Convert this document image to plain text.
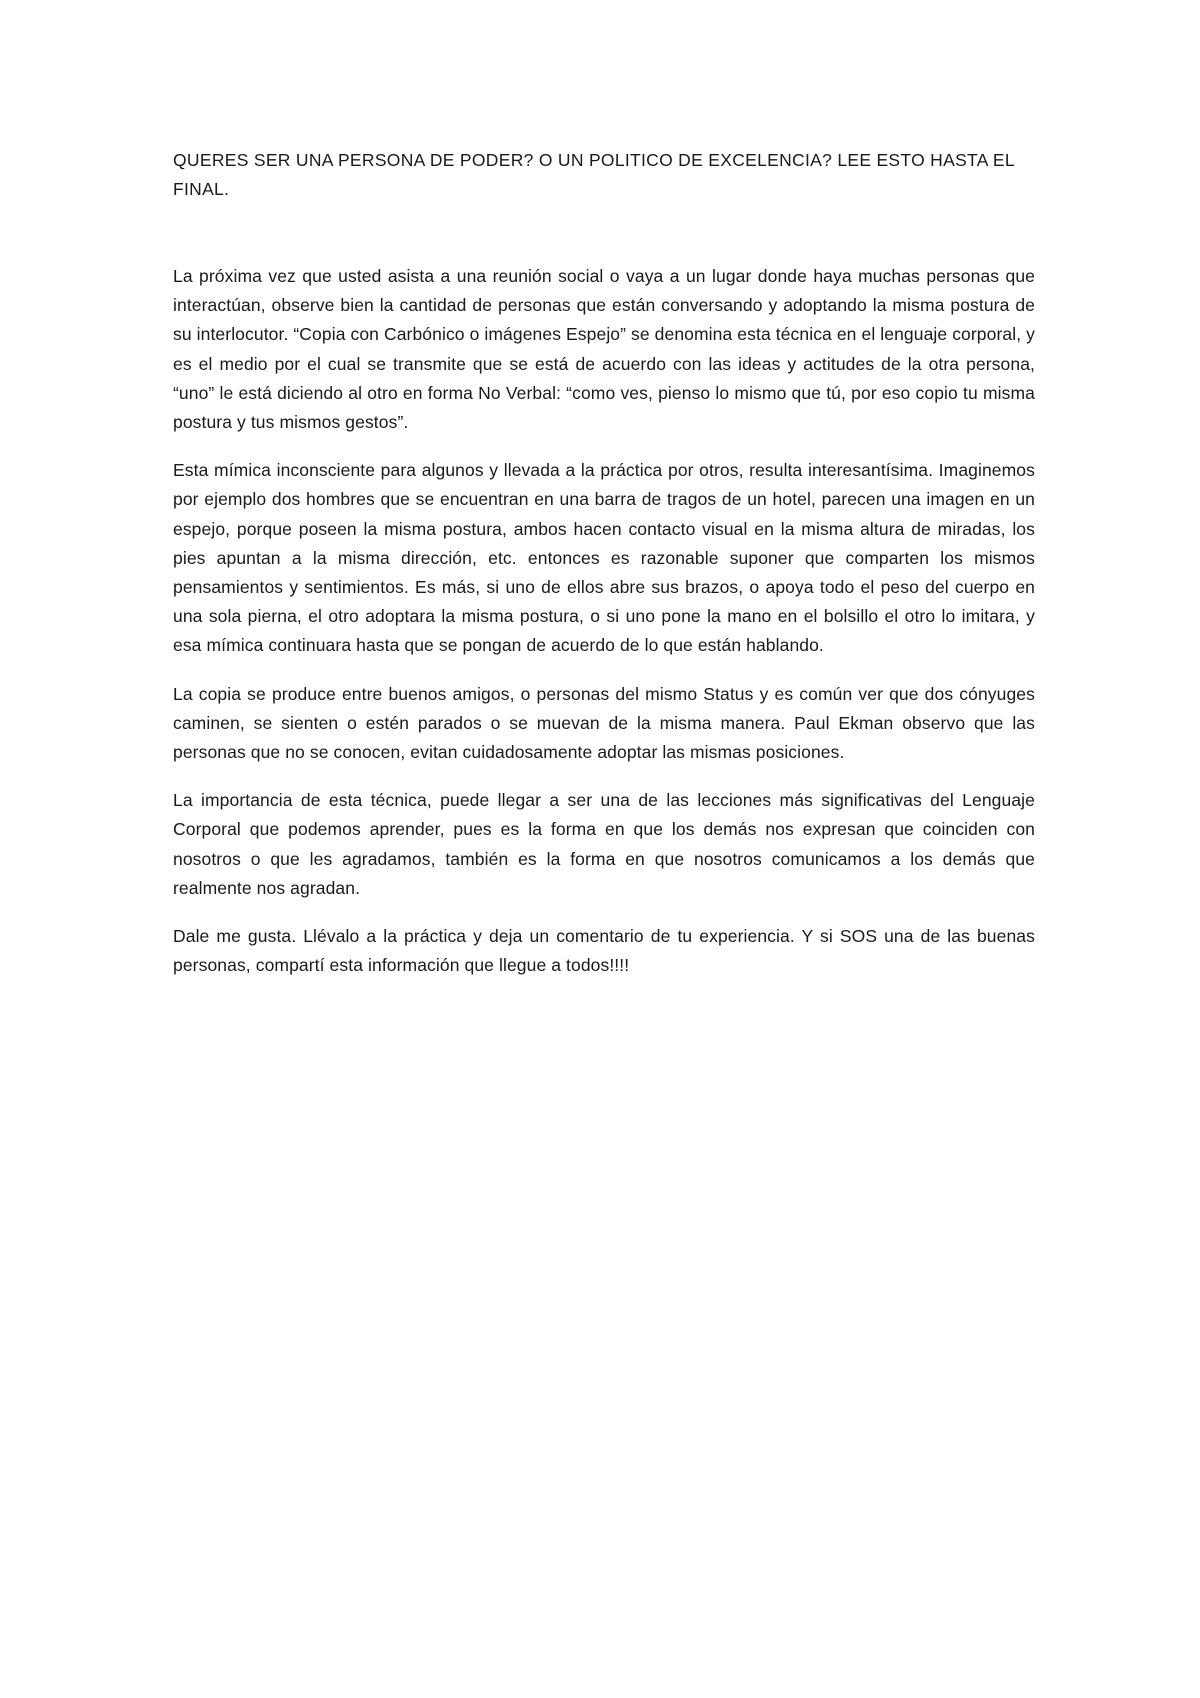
QUERES SER UNA PERSONA DE PODER? O UN POLITICO DE EXCELENCIA? LEE ESTO HASTA EL FINAL.

La próxima vez que usted asista a una reunión social o vaya a un lugar donde haya muchas personas que interactúan, observe bien la cantidad de personas que están conversando y adoptando la misma postura de su interlocutor. “Copia con Carbónico o imágenes Espejo” se denomina esta técnica en el lenguaje corporal, y es el medio por el cual se transmite que se está de acuerdo con las ideas y actitudes de la otra persona, “uno” le está diciendo al otro en forma No Verbal: “como ves, pienso lo mismo que tú, por eso copio tu misma postura y tus mismos gestos”.

Esta mímica inconsciente para algunos y llevada a la práctica por otros, resulta interesantísima. Imaginemos por ejemplo dos hombres que se encuentran en una barra de tragos de un hotel, parecen una imagen en un espejo, porque poseen la misma postura, ambos hacen contacto visual en la misma altura de miradas, los pies apuntan a la misma dirección, etc. entonces es razonable suponer que comparten los mismos pensamientos y sentimientos. Es más, si uno de ellos abre sus brazos, o apoya todo el peso del cuerpo en una sola pierna, el otro adoptara la misma postura, o si uno pone la mano en el bolsillo el otro lo imitara, y esa mímica continuara hasta que se pongan de acuerdo de lo que están hablando.

La copia se produce entre buenos amigos, o personas del mismo Status y es común ver que dos cónyuges caminen, se sienten o estén parados o se muevan de la misma manera. Paul Ekman observo que las personas que no se conocen, evitan cuidadosamente adoptar las mismas posiciones.

La importancia de esta técnica, puede llegar a ser una de las lecciones más significativas del Lenguaje Corporal que podemos aprender, pues es la forma en que los demás nos expresan que coinciden con nosotros o que les agradamos, también es la forma en que nosotros comunicamos a los demás que realmente nos agradan.

Dale me gusta. Llévalo a la práctica y deja un comentario de tu experiencia. Y si SOS una de las buenas personas, compartí esta información que llegue a todos!!!!
